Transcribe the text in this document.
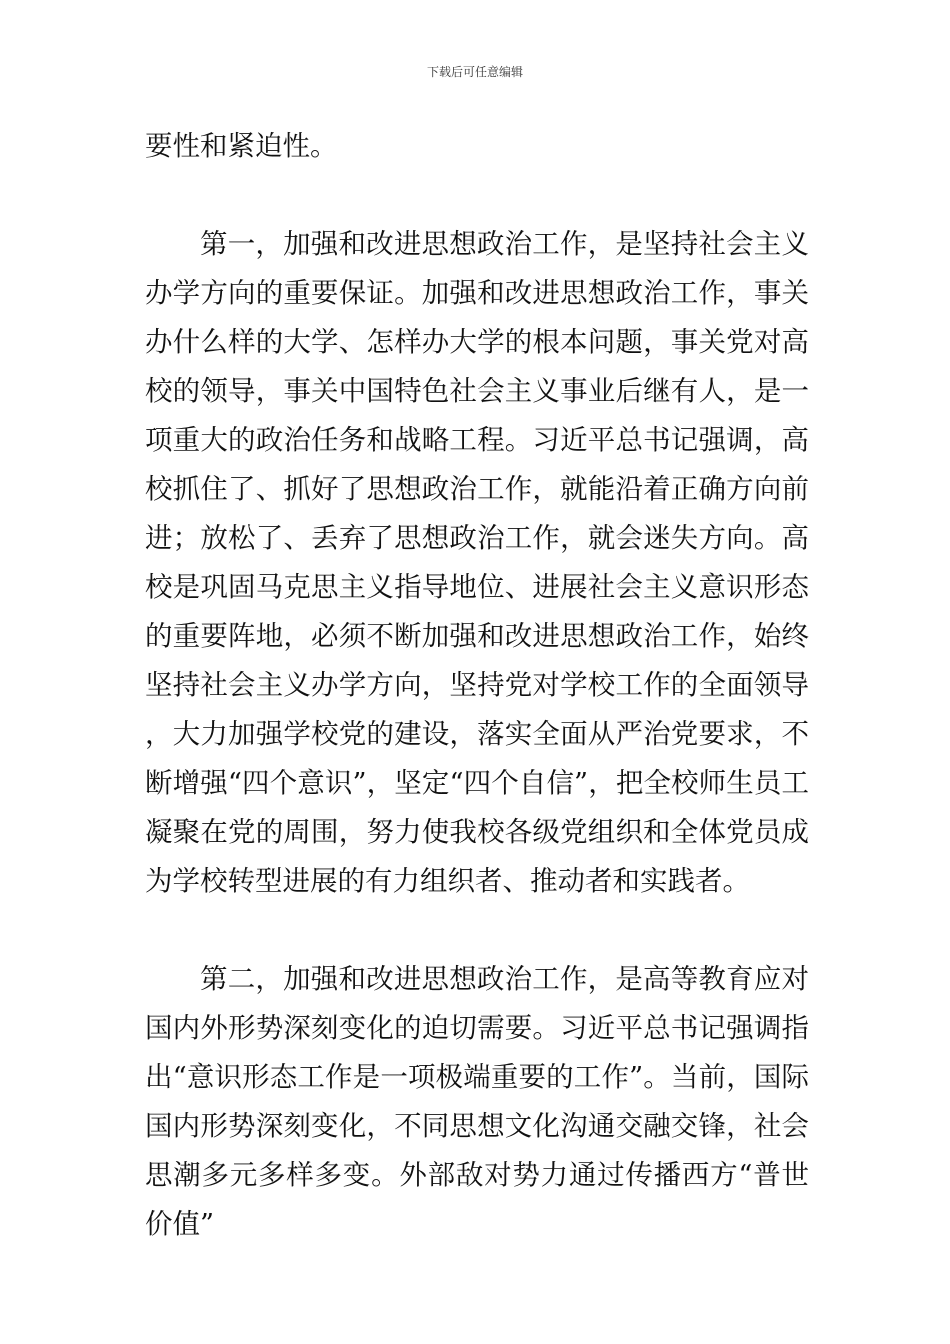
下载后可任意编辑

要性和紧迫性。

第一，加强和改进思想政治工作，是坚持社会主义办学方向的重要保证。加强和改进思想政治工作，事关办什么样的大学、怎样办大学的根本问题，事关党对高校的领导，事关中国特色社会主义事业后继有人，是一项重大的政治任务和战略工程。习近平总书记强调，高校抓住了、抓好了思想政治工作，就能沿着正确方向前进；放松了、丢弃了思想政治工作，就会迷失方向。高校是巩固马克思主义指导地位、进展社会主义意识形态的重要阵地，必须不断加强和改进思想政治工作，始终坚持社会主义办学方向，坚持党对学校工作的全面领导，大力加强学校党的建设，落实全面从严治党要求，不断增强“四个意识”，坚定“四个自信”，把全校师生员工凝聚在党的周围，努力使我校各级党组织和全体党员成为学校转型进展的有力组织者、推动者和实践者。

第二，加强和改进思想政治工作，是高等教育应对国内外形势深刻变化的迫切需要。习近平总书记强调指出“意识形态工作是一项极端重要的工作”。当前，国际国内形势深刻变化，不同思想文化沟通交融交锋，社会思潮多元多样多变。外部敌对势力通过传播西方“普世价值”
